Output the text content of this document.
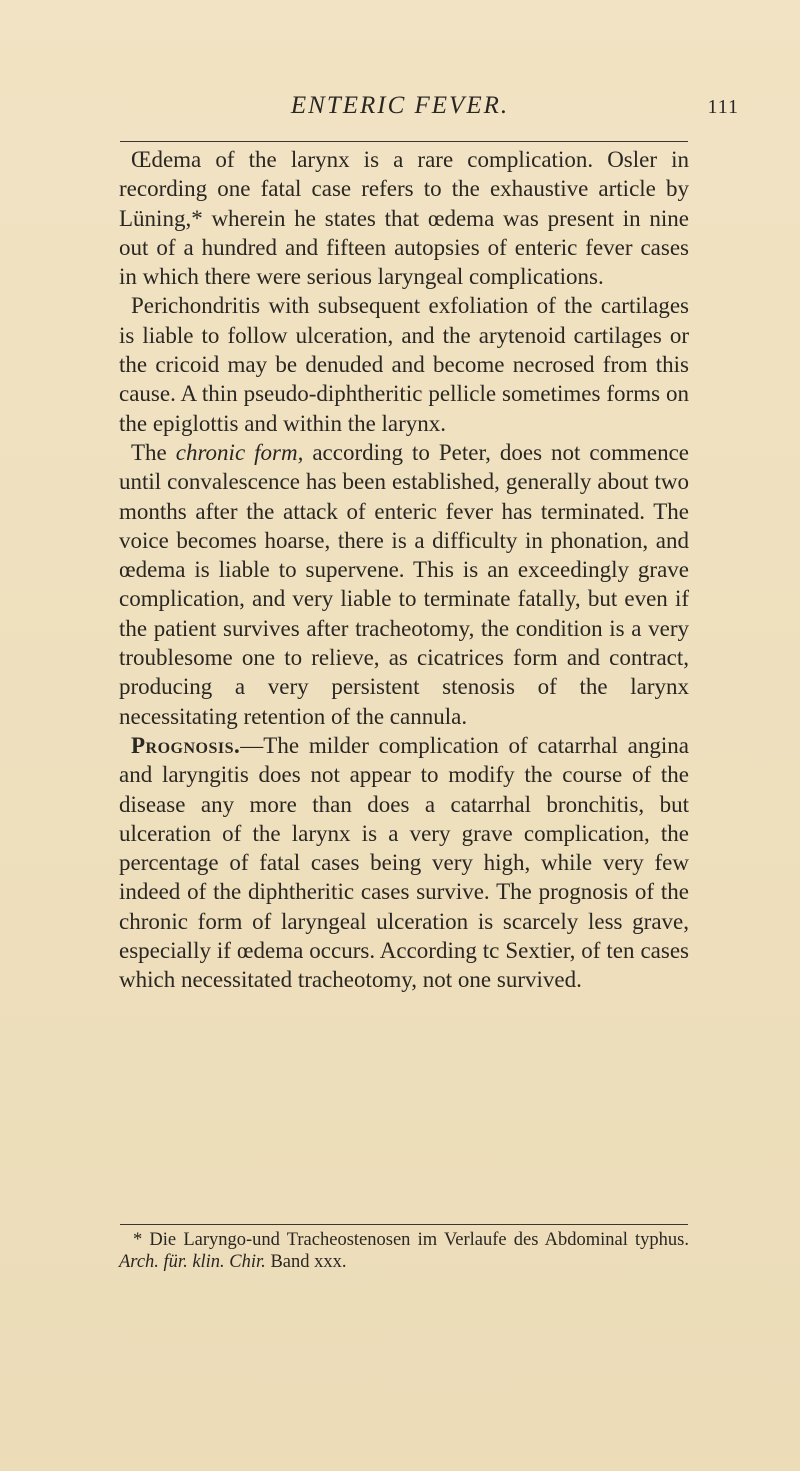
ENTERIC FEVER.	111

Œdema of the larynx is a rare complication. Osler in recording one fatal case refers to the exhaustive article by Lüning,* wherein he states that œdema was present in nine out of a hundred and fifteen autopsies of enteric fever cases in which there were serious laryngeal complications.

Perichondritis with subsequent exfoliation of the cartilages is liable to follow ulceration, and the arytenoid cartilages or the cricoid may be denuded and become necrosed from this cause. A thin pseudo-diphtheritic pellicle sometimes forms on the epiglottis and within the larynx.

The chronic form, according to Peter, does not commence until convalescence has been established, generally about two months after the attack of enteric fever has terminated. The voice becomes hoarse, there is a difficulty in phonation, and œdema is liable to supervene. This is an exceedingly grave complication, and very liable to terminate fatally, but even if the patient survives after tracheotomy, the condition is a very troublesome one to relieve, as cicatrices form and contract, producing a very persistent stenosis of the larynx necessitating retention of the cannula.

Prognosis.—The milder complication of catarrhal angina and laryngitis does not appear to modify the course of the disease any more than does a catarrhal bronchitis, but ulceration of the larynx is a very grave complication, the percentage of fatal cases being very high, while very few indeed of the diphtheritic cases survive. The prognosis of the chronic form of laryngeal ulceration is scarcely less grave, especially if œdema occurs. According tc Sextier, of ten cases which necessitated tracheotomy, not one survived.

* Die Laryngo-und Tracheostenosen im Verlaufe des Abdominal typhus. Arch. für. klin. Chir. Band xxx.
